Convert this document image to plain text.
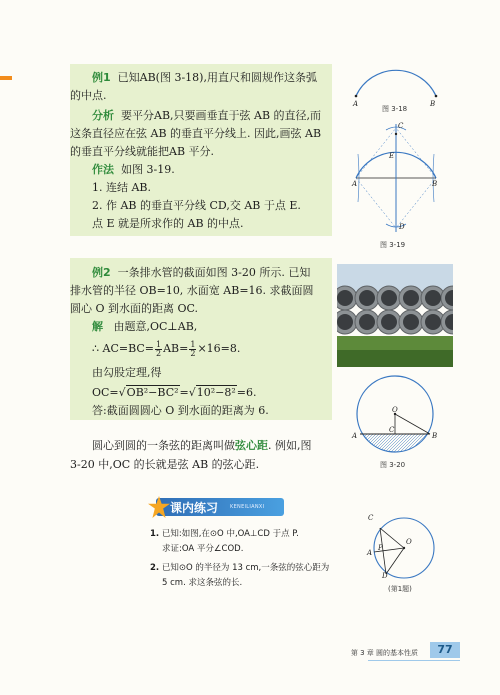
例1 已知AB(图 3-18),用直尺和圆规作这条弧
的中点.
分析 要平分AB,只要画垂直于弦 AB 的直径,而
这条直径应在弦 AB 的垂直平分线上. 因此,画弦 AB
的垂直平分线就能把AB 平分.
作法 如图 3-19.
1. 连结 AB.
2. 作 AB 的垂直平分线 CD,交 AB 于点 E.
点 E 就是所求作的 AB 的中点.
A	B
图 3-18
C
E
A	B
D
图 3-19
例2 一条排水管的截面如图 3-20 所示. 已知
排水管的半径 OB=10, 水面宽 AB=16. 求截面圆
圆心 O 到水面的距离 OC.
解 由题意,OC⊥AB,
∴ $AC=BC= \frac{1}{2} AB= \frac{1}{2} \times 16=8$.
由勾股定理,得
OC=√OB²−BC²=√10²−8²=6.
答:截面圆圆心 O 到水面的距离为 6.	O
C
A	B
图 3-20
圆心到圆的一条弦的距离叫做弦心距. 例如,图
3-20 中,OC 的长就是弦 AB 的弦心距.
课内练习 KENEILIANXI
1. 已知:如图,在⊙O 中,OA⊥CD 于点 P.
求证:OA 平分∠COD.
2. 已知⊙O 的半径为 13 cm,一条弦的弦心距为
5 cm. 求这条弦的长.
C
A
P
O
D
(第1题)
第 3 章 圆的基本性质	77
